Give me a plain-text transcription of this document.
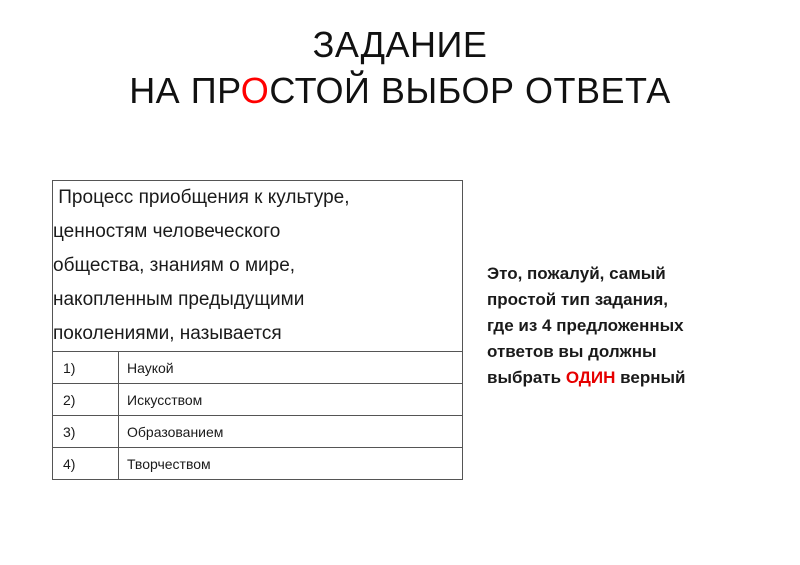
ЗАДАНИЕ
НА ПРОСТОЙ ВЫБОР ОТВЕТА
Процесс приобщения к культуре,
ценностям человеческого
общества, знаниям о мире,
накопленным предыдущими
поколениями, называется	

1)	Наукой
2)	Искусством
3)	Образованием
4)	Творчеством
Это, пожалуй, самый
простой тип задания,
где из 4 предложенных
ответов вы должны
выбрать ОДИН верный
